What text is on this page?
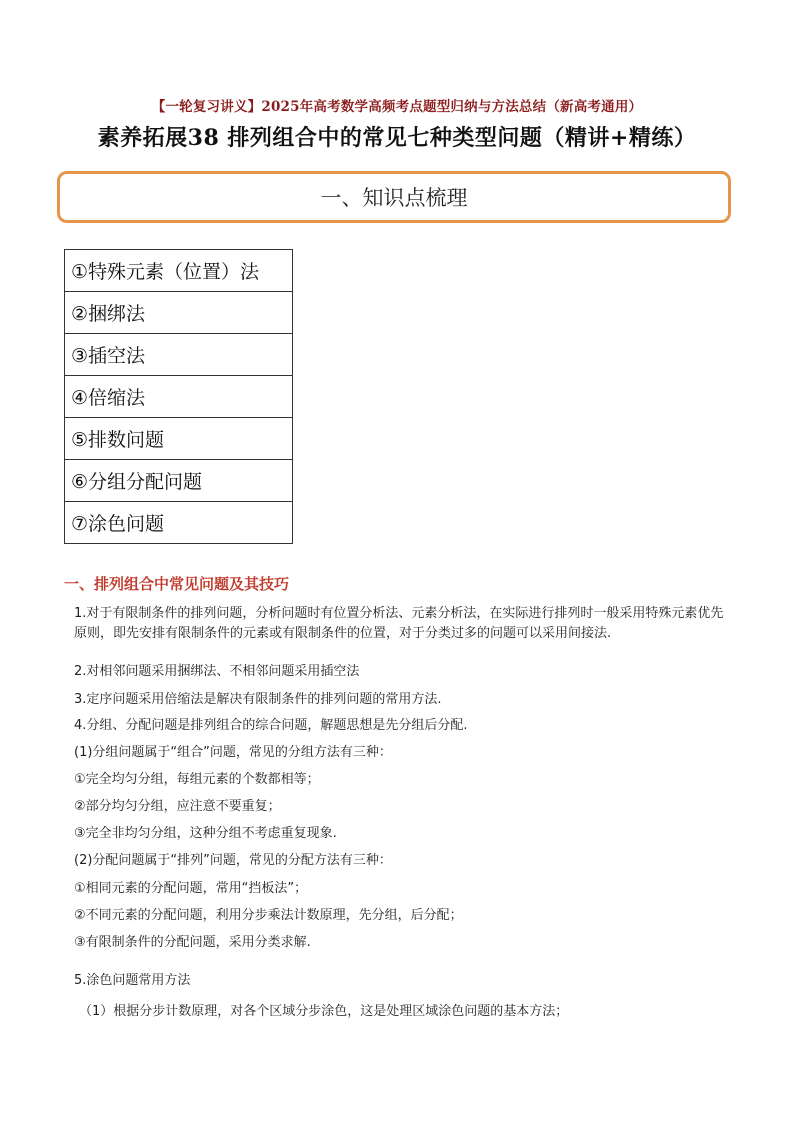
【一轮复习讲义】2025年高考数学高频考点题型归纳与方法总结（新高考通用）
素养拓展38 排列组合中的常见七种类型问题（精讲+精练）
一、知识点梳理
①特殊元素（位置）法
②捆绑法
③插空法
④倍缩法
⑤排数问题
⑥分组分配问题
⑦涂色问题
一、排列组合中常见问题及其技巧
1.对于有限制条件的排列问题，分析问题时有位置分析法、元素分析法，在实际进行排列时一般采用特殊元素优先原则，即先安排有限制条件的元素或有限制条件的位置，对于分类过多的问题可以采用间接法.
2.对相邻问题采用捆绑法、不相邻问题采用插空法
3.定序问题采用倍缩法是解决有限制条件的排列问题的常用方法.
4.分组、分配问题是排列组合的综合问题，解题思想是先分组后分配.
(1)分组问题属于“组合”问题，常见的分组方法有三种：
①完全均匀分组，每组元素的个数都相等；
②部分均匀分组，应注意不要重复；
③完全非均匀分组，这种分组不考虑重复现象.
(2)分配问题属于“排列”问题，常见的分配方法有三种：
①相同元素的分配问题，常用“挡板法”；
②不同元素的分配问题，利用分步乘法计数原理，先分组，后分配；
③有限制条件的分配问题，采用分类求解.
5.涂色问题常用方法
（1）根据分步计数原理，对各个区域分步涂色，这是处理区域涂色问题的基本方法；
